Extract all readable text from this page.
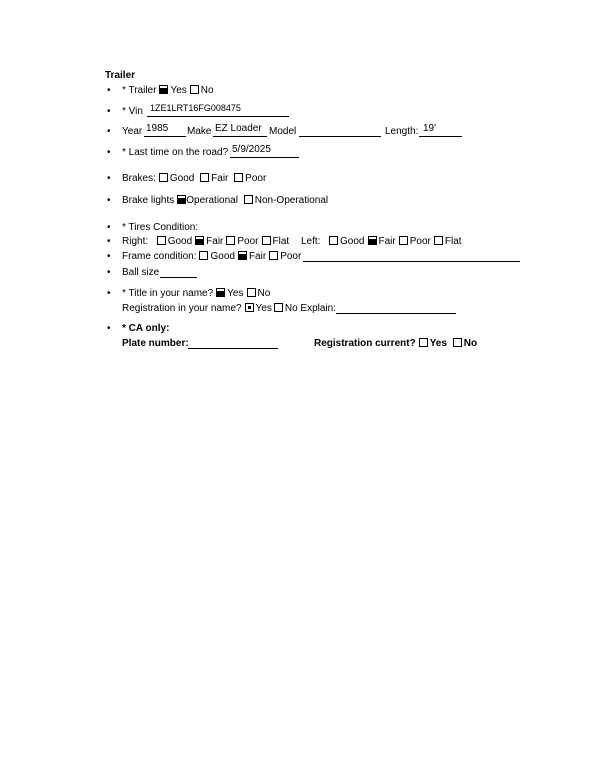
Trailer
•
* Trailer Yes No
•
* Vin 1ZE1LRT16FG008475
•
Year 1985 Make EZ Loader Model	Length: 19'
•
* Last time on the road? 5/9/2025
•
Brakes: Good Fair Poor
•
Brake lights Operational Non-Operational
•
* Tires Condition:
•
Right: Good Fair Poor Flat Left: Good Fair Poor Flat
•
Frame condition: Good Fair Poor
•
Ball size
•
* Title in your name? Yes No
Registration in your name? Yes No Explain:
•
* CA only:
Plate number:	Registration current? Yes No
